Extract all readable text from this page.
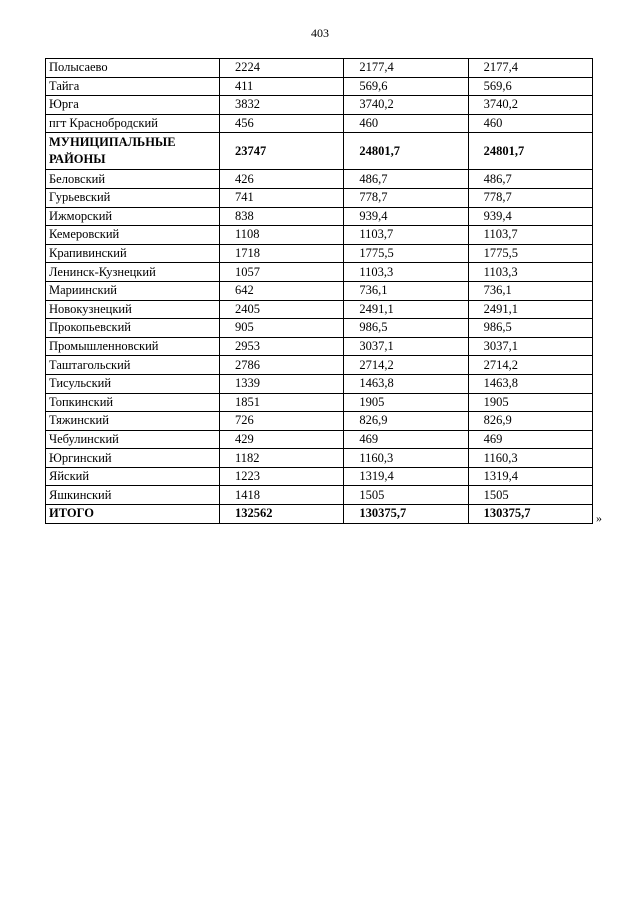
403
Полысаево	2224	2177,4	2177,4
Тайга	411	569,6	569,6
Юрга	3832	3740,2	3740,2
пгт Краснобродский	456	460	460
МУНИЦИПАЛЬНЫЕ РАЙОНЫ	23747	24801,7	24801,7
Беловский	426	486,7	486,7
Гурьевский	741	778,7	778,7
Ижморский	838	939,4	939,4
Кемеровский	1108	1103,7	1103,7
Крапивинский	1718	1775,5	1775,5
Ленинск-Кузнецкий	1057	1103,3	1103,3
Мариинский	642	736,1	736,1
Новокузнецкий	2405	2491,1	2491,1
Прокопьевский	905	986,5	986,5
Промышленновский	2953	3037,1	3037,1
Таштагольский	2786	2714,2	2714,2
Тисульский	1339	1463,8	1463,8
Топкинский	1851	1905	1905
Тяжинский	726	826,9	826,9
Чебулинский	429	469	469
Юргинский	1182	1160,3	1160,3
Яйский	1223	1319,4	1319,4
Яшкинский	1418	1505	1505
ИТОГО	132562	130375,7	130375,7	»
